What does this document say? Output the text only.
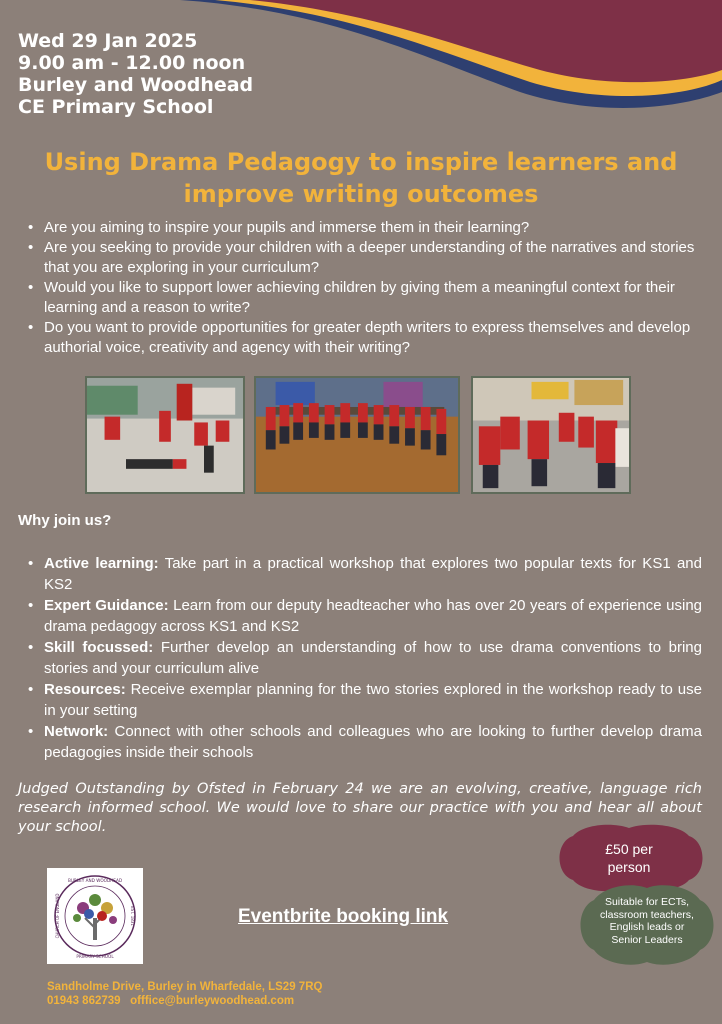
Wed 29 Jan 2025
9.00 am - 12.00 noon
Burley and Woodhead
CE Primary School
Using Drama Pedagogy to inspire learners and
improve writing outcomes
• Are you aiming to inspire your pupils and immerse them in their learning?
• Are you seeking to provide your children with a deeper understanding of the narratives and stories that you are exploring in your curriculum?
• Would you like to support lower achieving children by giving them a meaningful context for their learning and a reason to write?
• Do you want to provide opportunities for greater depth writers to express themselves and develop authorial voice, creativity and agency with their writing?
Why join us?
• Active learning: Take part in a practical workshop that explores two popular texts for KS1 and KS2
• Expert Guidance: Learn from our deputy headteacher who has over 20 years of experience using drama pedagogy across KS1 and KS2
• Skill focussed: Further develop an understanding of how to use drama conventions to bring stories and your curriculum alive
• Resources: Receive exemplar planning for the two stories explored in the workshop ready to use in your setting
• Network: Connect with other schools and colleagues who are looking to further develop drama pedagogies inside their schools

Judged Outstanding by Ofsted in February 24 we are an evolving, creative, language rich research informed school. We would love to share our practice with you and hear all about your school.

£50 per
person
Suitable for ECTs,
classroom teachers,
English leads or
Senior Leaders
BURLEY AND WOODHEAD
PRIMARY SCHOOL
CHURCH OF ENGLAND	EST. 1831	Eventbrite booking link
Sandholme Drive, Burley in Wharfedale, LS29 7RQ
01943 862739 offfice@burleywoodhead.com
